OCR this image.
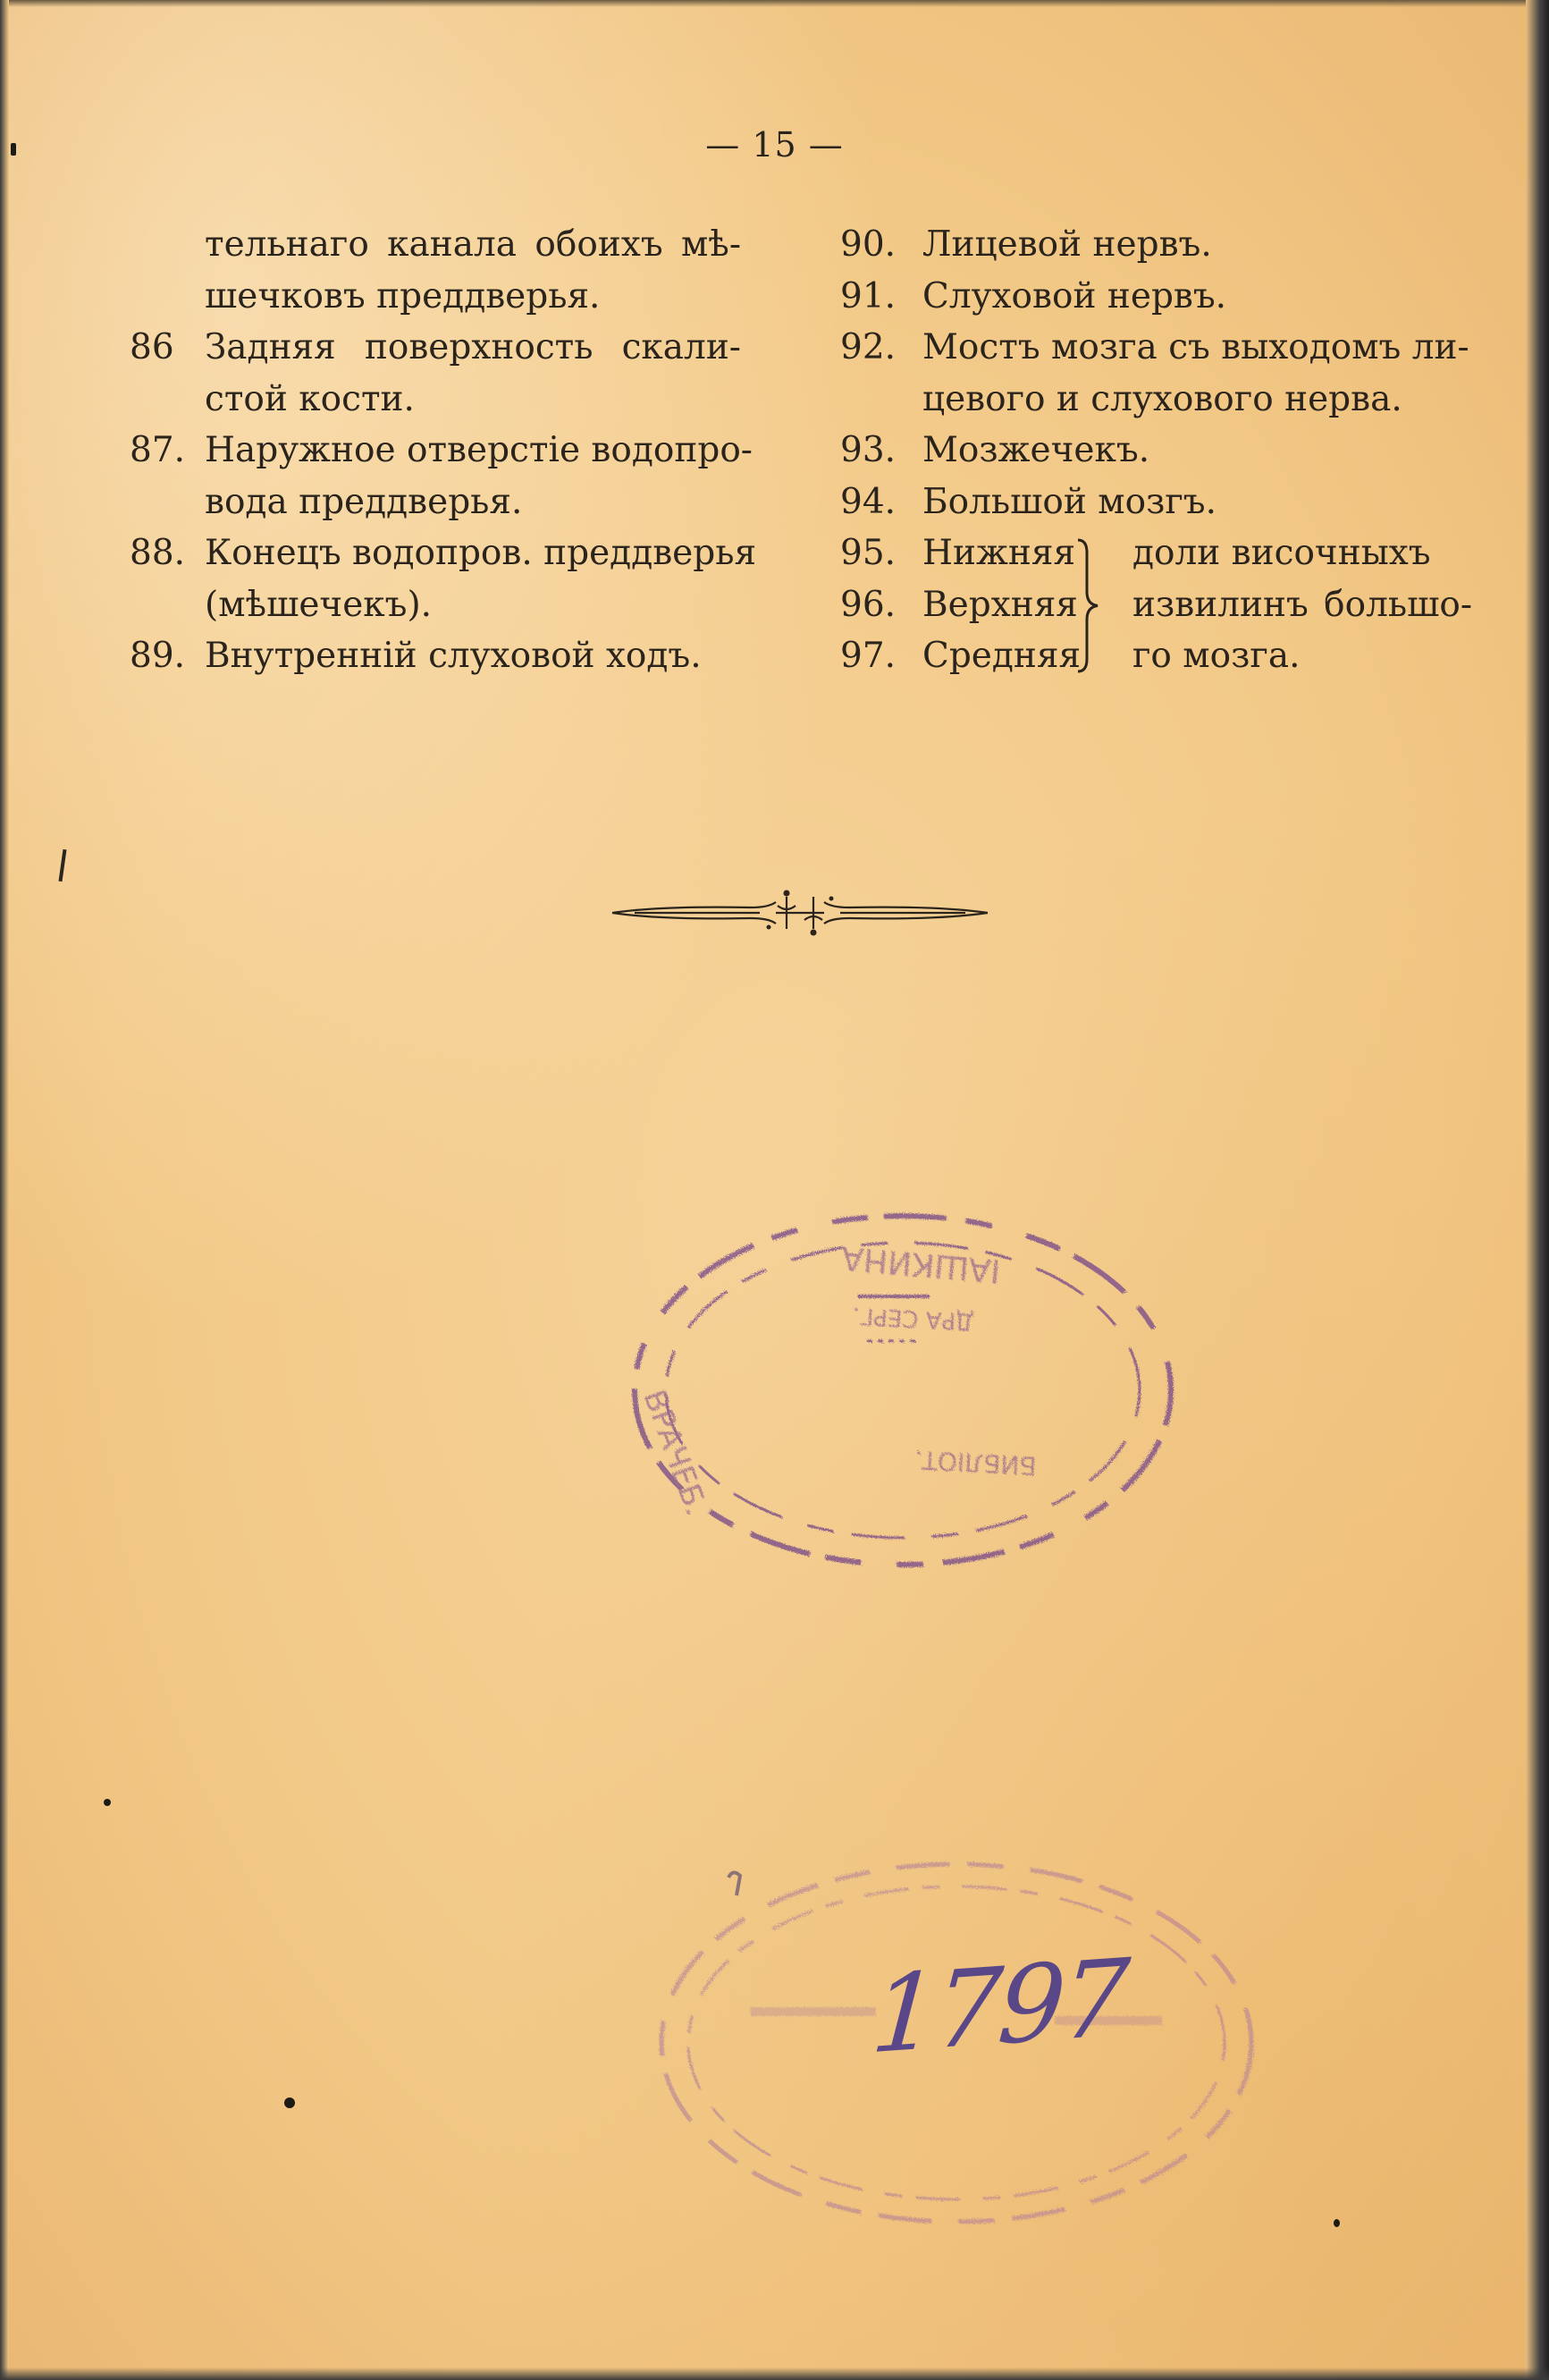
— 15 —
тельнаго канала обоихъ мѣ-
шечковъ преддверья.
86 Задняя поверхность скали-
стой кости.
87. Наружное отверстіе водопро-
вода преддверья.
88. Конецъ водопров. преддверья
(мѣшечекъ).
89. Внутренній слуховой ходъ.
90. Лицевой нервъ.
91. Слуховой нервъ.
92. Мостъ мозга съ выходомъ ли-
цевого и слухового нерва.
93. Мозжечекъ.
94. Большой мозгъ.
95. Нижняя
96. Верхняя
97. Средняя
доли височныхъ
извилинъ большо-
го мозга.
ІАШКИНА
ДРА СЕРГ.
БИБЛІОТ.
ВРАЧЕБ.
1797
